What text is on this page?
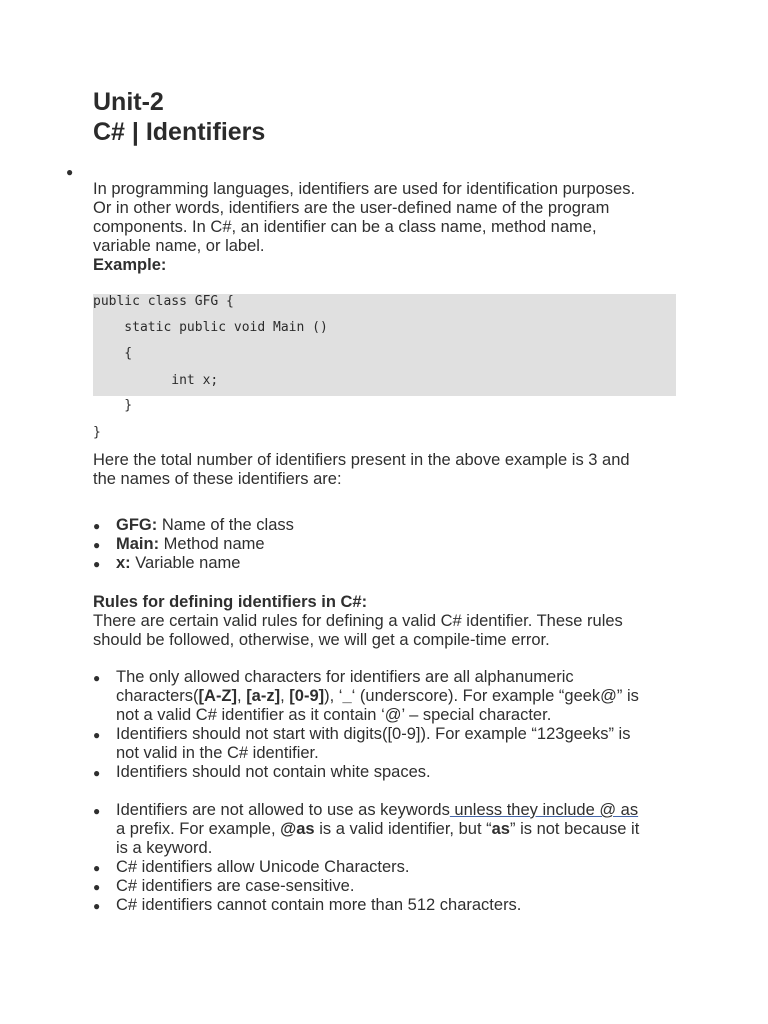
Unit-2
C# | Identifiers
●
In programming languages, identifiers are used for identification purposes.
Or in other words, identifiers are the user-defined name of the program
components. In C#, an identifier can be a class name, method name,
variable name, or label.
Example:
public class GFG {
static public void Main ()
{
int x;
}
}
Here the total number of identifiers present in the above example is 3 and
the names of these identifiers are:
● GFG: Name of the class
● Main: Method name
● x: Variable name
Rules for defining identifiers in C#:
There are certain valid rules for defining a valid C# identifier. These rules
should be followed, otherwise, we will get a compile-time error.
● The only allowed characters for identifiers are all alphanumeric
characters([A-Z], [a-z], [0-9]), ‘_‘ (underscore). For example “geek@” is
not a valid C# identifier as it contain ‘@’ – special character.
● Identifiers should not start with digits([0-9]). For example “123geeks” is
not valid in the C# identifier.
● Identifiers should not contain white spaces.
● Identifiers are not allowed to use as keywords unless they include @ as
a prefix. For example, @as is a valid identifier, but “as” is not because it
is a keyword.
● C# identifiers allow Unicode Characters.
● C# identifiers are case-sensitive.
● C# identifiers cannot contain more than 512 characters.
